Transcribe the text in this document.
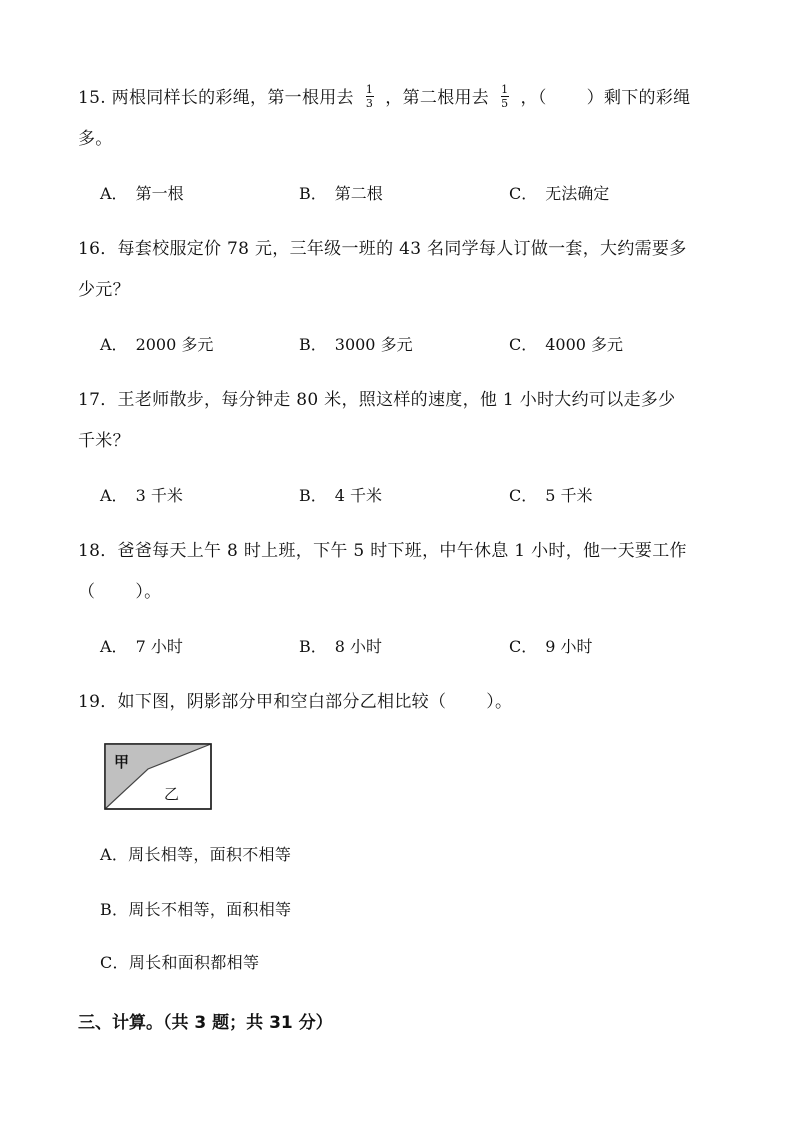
15. 两根同样长的彩绳，第一根用去 $\frac{1}{3}$ ，第二根用去 $\frac{1}{5}$ ，（ ）剩下的彩绳
多。
A． 第一根	B． 第二根	C． 无法确定
16．每套校服定价 78 元，三年级一班的 43 名同学每人订做一套，大约需要多
少元？
A． 2000 多元	B． 3000 多元	C． 4000 多元
17．王老师散步，每分钟走 80 米，照这样的速度，他 1 小时大约可以走多少
千米？
A． 3 千米	B． 4 千米	C． 5 千米
18．爸爸每天上午 8 时上班，下午 5 时下班，中午休息 1 小时，他一天要工作
（ ）。
A． 7 小时	B． 8 小时	C． 9 小时
19．如下图，阴影部分甲和空白部分乙相比较（ ）。
甲
乙
A．周长相等，面积不相等
B．周长不相等，面积相等
C．周长和面积都相等
三、计算。（共 3 题；共 31 分）
